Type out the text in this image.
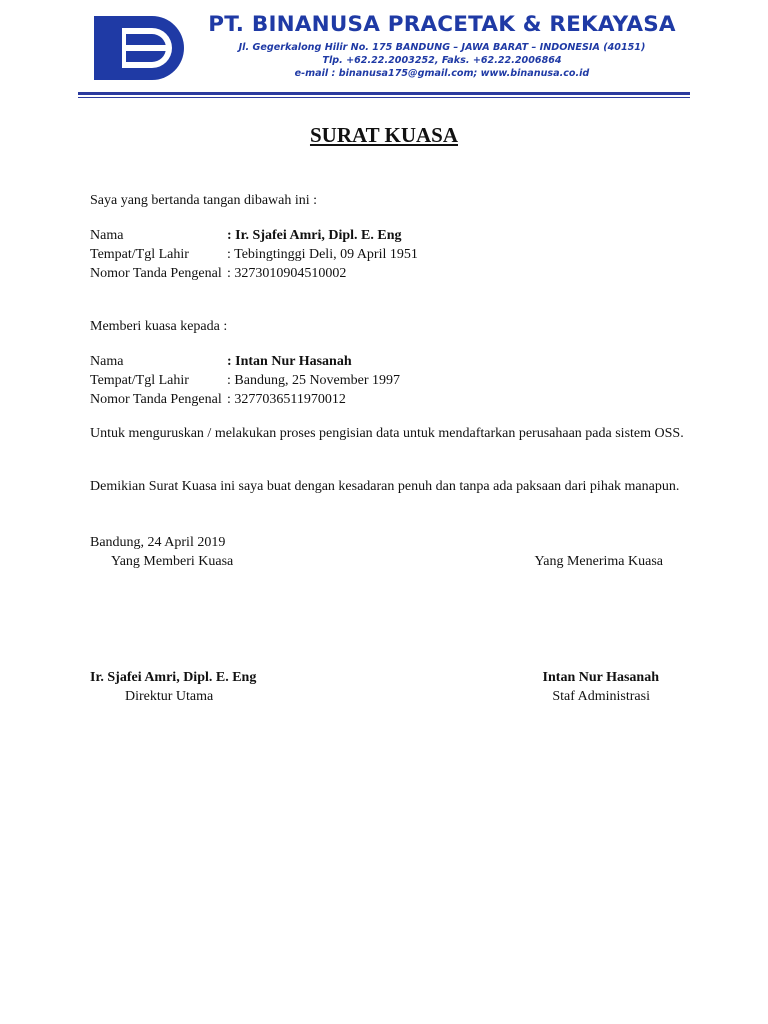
PT. BINANUSA PRACETAK & REKAYASA
Jl. Gegerkalong Hilir No. 175 BANDUNG – JAWA BARAT – INDONESIA (40151)
Tlp. +62.22.2003252, Faks. +62.22.2006864
e-mail : binanusa175@gmail.com; www.binanusa.co.id
SURAT KUASA
Saya yang bertanda tangan dibawah ini :
Nama	: Ir. Sjafei Amri, Dipl. E. Eng
Tempat/Tgl Lahir	: Tebingtinggi Deli, 09 April 1951
Nomor Tanda Pengenal : 3273010904510002
Memberi kuasa kepada :
Nama	: Intan Nur Hasanah
Tempat/Tgl Lahir	: Bandung, 25 November 1997
Nomor Tanda Pengenal : 3277036511970012
Untuk menguruskan / melakukan proses pengisian data untuk mendaftarkan perusahaan pada sistem OSS.
Demikian Surat Kuasa ini saya buat dengan kesadaran penuh dan tanpa ada paksaan dari pihak manapun.
Bandung, 24 April 2019
Yang Memberi Kuasa	Yang Menerima Kuasa
Ir. Sjafei Amri, Dipl. E. Eng
Direktur Utama
Intan Nur Hasanah
Staf Administrasi
